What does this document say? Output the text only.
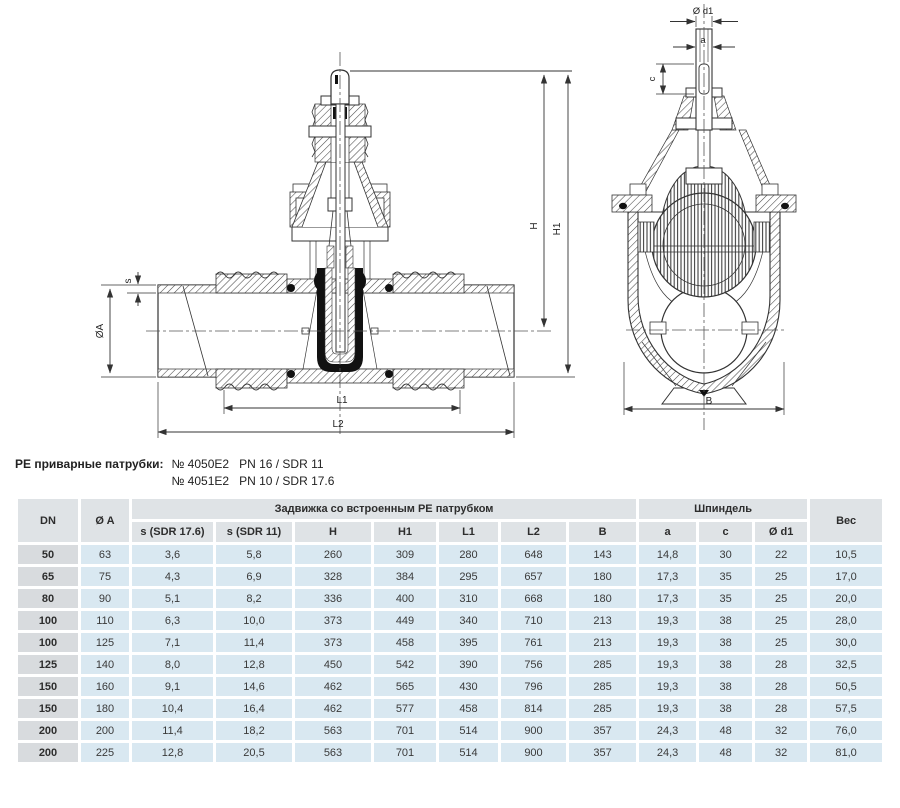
H H1
ØA
s
L1
L2
Ø d1
a
c
B
PE приварные патрубки: № 4050E2 PN 16 / SDR 11
№ 4051E2 PN 10 / SDR 17.6
DN	Ø A	Задвижка со встроенным PE патрубком							Шпиндель			Вес
		s (SDR 17.6)	s (SDR 11)	H	H1	L1	L2	B	a	c	Ø d1	
50	63	3,6	5,8	260	309	280	648	143	14,8	30	22	10,5
65	75	4,3	6,9	328	384	295	657	180	17,3	35	25	17,0
80	90	5,1	8,2	336	400	310	668	180	17,3	35	25	20,0
100	110	6,3	10,0	373	449	340	710	213	19,3	38	25	28,0
100	125	7,1	11,4	373	458	395	761	213	19,3	38	25	30,0
125	140	8,0	12,8	450	542	390	756	285	19,3	38	28	32,5
150	160	9,1	14,6	462	565	430	796	285	19,3	38	28	50,5
150	180	10,4	16,4	462	577	458	814	285	19,3	38	28	57,5
200	200	11,4	18,2	563	701	514	900	357	24,3	48	32	76,0
200	225	12,8	20,5	563	701	514	900	357	24,3	48	32	81,0
